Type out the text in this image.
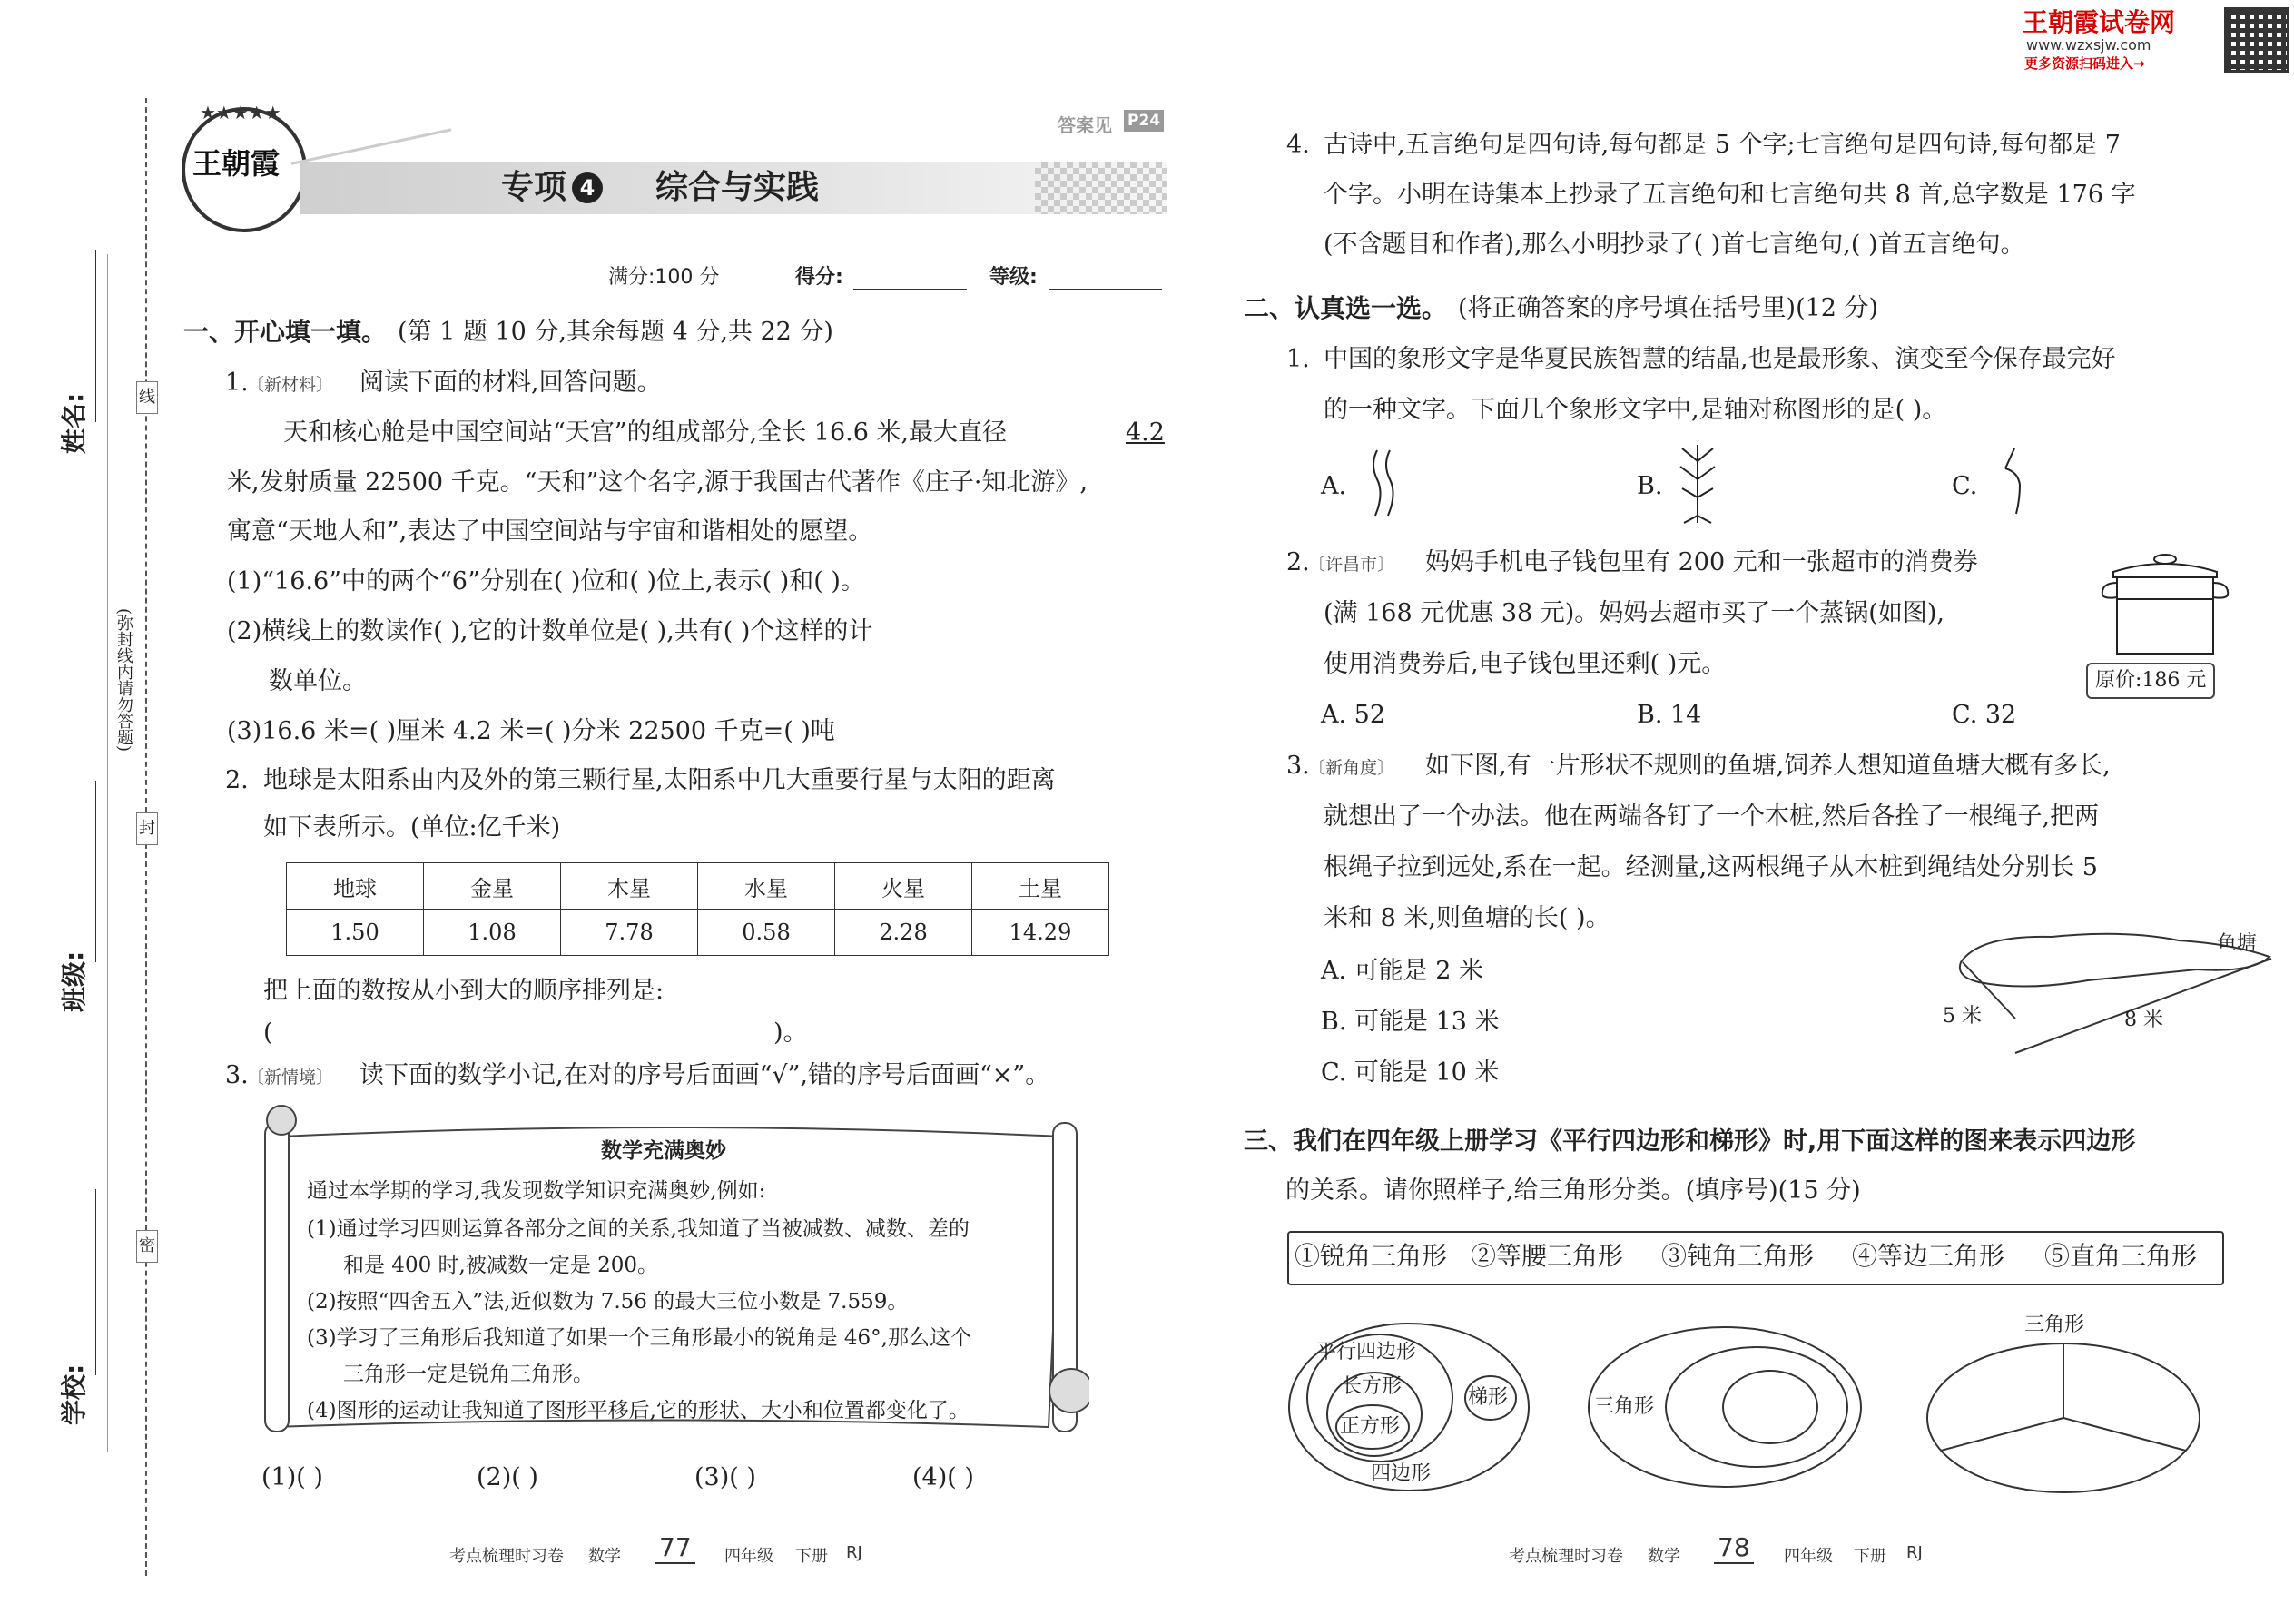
姓名:
班级:
学校:
线
封
密
(弥封线内请勿答题)
王朝霞
★★★★★
答案见 P24
专项 4 综合与实践
满分:100 分	得分:	等级:
一、开心填一填。 (第 1 题 10 分,其余每题 4 分,共 22 分)
1.
〔新材料〕 阅读下面的材料,回答问题。
天和核心舱是中国空间站“天宫”的组成部分,全长 16.6 米,最大直径	4.2
米,发射质量 22500 千克。“天和”这个名字,源于我国古代著作《庄子·知北游》,
寓意“天地人和”,表达了中国空间站与宇宙和谐相处的愿望。
(1)“16.6”中的两个“6”分别在( )位和( )位上,表示( )和( )。
(2)横线上的数读作( ),它的计数单位是( ),共有( )个这样的计
数单位。
(3)16.6 米=( )厘米 4.2 米=( )分米 22500 千克=( )吨
2. 地球是太阳系由内及外的第三颗行星,太阳系中几大重要行星与太阳的距离
如下表所示。(单位:亿千米)
地球	金星	木星	水星	火星	土星
1.50	1.08	7.78	0.58	2.28	14.29
把上面的数按从小到大的顺序排列是:
(	)。
3.
〔新情境〕 读下面的数学小记,在对的序号后面画“√”,错的序号后面画“×”。
数学充满奥妙
通过本学期的学习,我发现数学知识充满奥妙,例如:
(1)通过学习四则运算各部分之间的关系,我知道了当被减数、减数、差的
和是 400 时,被减数一定是 200。
(2)按照“四舍五入”法,近似数为 7.56 的最大三位小数是 7.559。
(3)学习了三角形后我知道了如果一个三角形最小的锐角是 46°,那么这个
三角形一定是锐角三角形。
(4)图形的运动让我知道了图形平移后,它的形状、大小和位置都变化了。
(1)( )	(2)( )	(3)( )	(4)( )
考点梳理时习卷 数学 77 四年级 下册 RJ
王朝霞试卷网
www.wzxsjw.com
更多资源扫码进入→
4. 古诗中,五言绝句是四句诗,每句都是 5 个字;七言绝句是四句诗,每句都是 7
个字。小明在诗集本上抄录了五言绝句和七言绝句共 8 首,总字数是 176 字
(不含题目和作者),那么小明抄录了( )首七言绝句,( )首五言绝句。
二、认真选一选。 (将正确答案的序号填在括号里)(12 分)
1. 中国的象形文字是华夏民族智慧的结晶,也是最形象、演变至今保存最完好
的一种文字。下面几个象形文字中,是轴对称图形的是( )。
A.	B.	C.
2.
〔许昌市〕 妈妈手机电子钱包里有 200 元和一张超市的消费券
(满 168 元优惠 38 元)。妈妈去超市买了一个蒸锅(如图),
使用消费券后,电子钱包里还剩( )元。
原价:186 元
A. 52	B. 14	C. 32
3.
〔新角度〕 如下图,有一片形状不规则的鱼塘,饲养人想知道鱼塘大概有多长,
就想出了一个办法。他在两端各钉了一个木桩,然后各拴了一根绳子,把两
根绳子拉到远处,系在一起。经测量,这两根绳子从木桩到绳结处分别长 5
米和 8 米,则鱼塘的长( )。
A. 可能是 2 米
B. 可能是 13 米
C. 可能是 10 米
鱼塘
5 米	8 米
三、我们在四年级上册学习《平行四边形和梯形》时,用下面这样的图来表示四边形
的关系。请你照样子,给三角形分类。(填序号)(15 分)
①锐角三角形 ②等腰三角形 ③钝角三角形 ④等边三角形 ⑤直角三角形
平行四边形
长方形
正方形
梯形
四边形
三角形
三角形
考点梳理时习卷 数学 78 四年级 下册 RJ
